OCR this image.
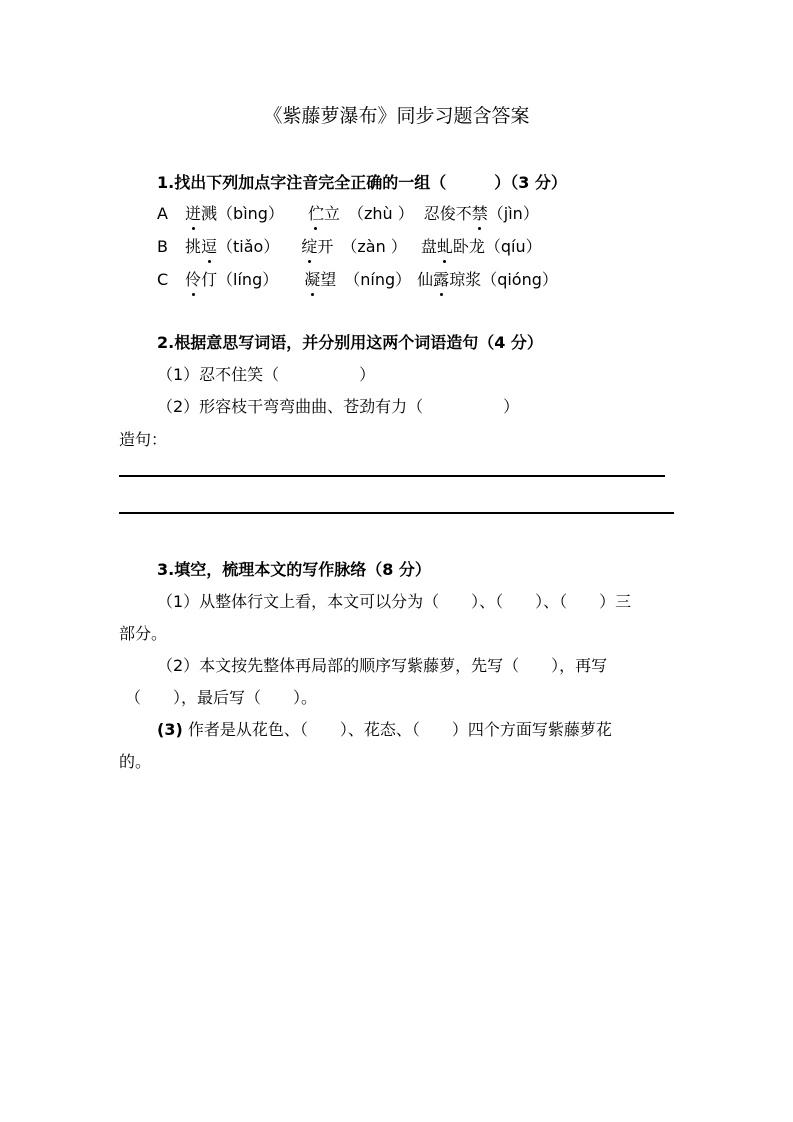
《紫藤萝瀑布》同步习题含答案
1.找出下列加点字注音完全正确的一组（　　　）（3 分）
A 迸溅（bìng） 伫立 （zhù ） 忍俊不禁（jìn）
B 挑逗（tiǎo） 绽开 （zàn ） 盘虬卧龙（qíu）
C 伶仃（líng） 凝望 （níng） 仙露琼浆（qióng）
2.根据意思写词语，并分别用这两个词语造句（4 分）
（1）忍不住笑（　　　　　）
（2）形容枝干弯弯曲曲、苍劲有力（　　　　　）
造句：
3.填空，梳理本文的写作脉络（8 分）
（1）从整体行文上看，本文可以分为（　　）、（　　）、（　　）三
部分。
（2）本文按先整体再局部的顺序写紫藤萝，先写（　　），再写
（　　），最后写（　　）。
(3) 作者是从花色、（　　）、花态、（　　）四个方面写紫藤萝花
的。
